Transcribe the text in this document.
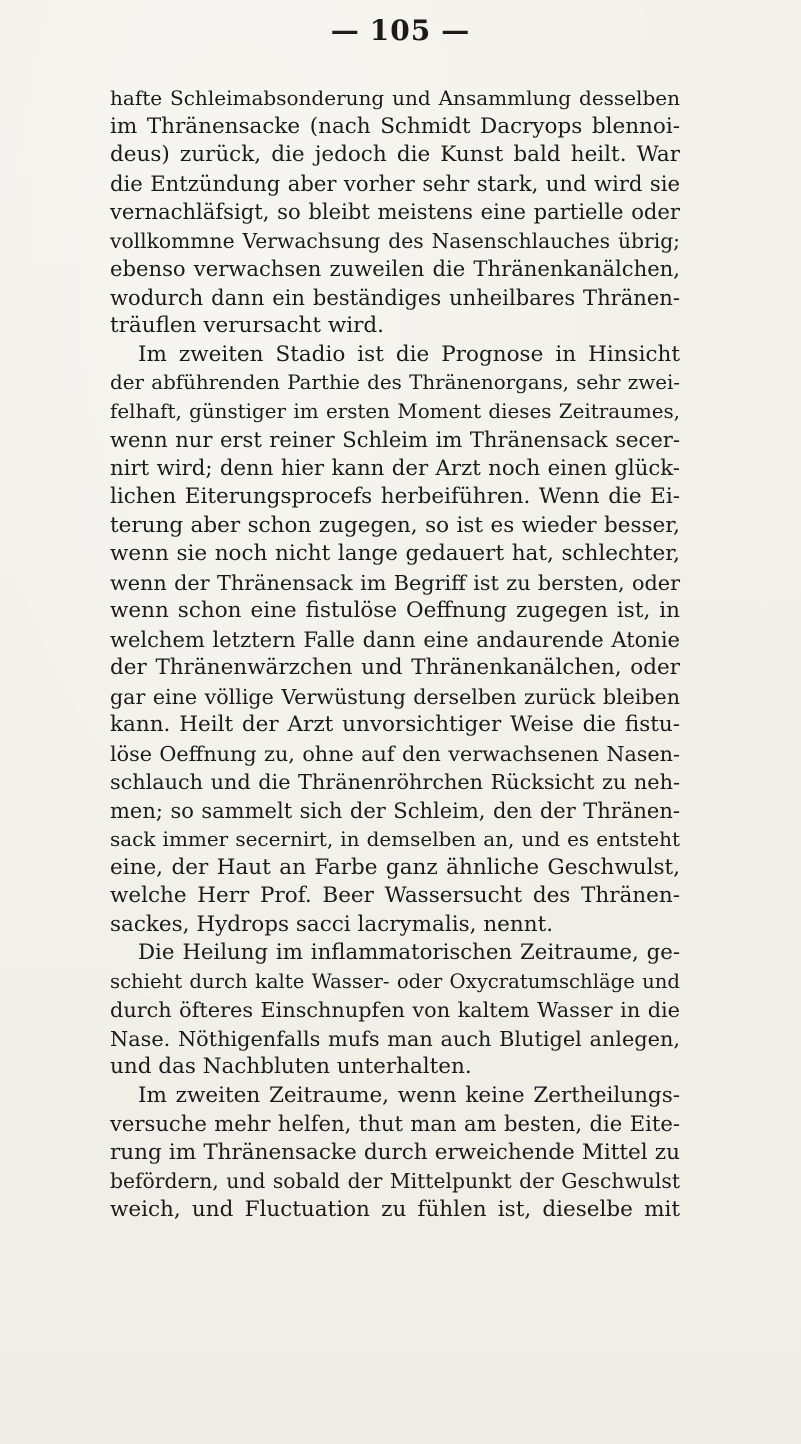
— 105 —
hafte Schleimabsonderung und Ansammlung desselben
im Thränensacke (nach Schmidt Dacryops blennoi-
deus) zurück, die jedoch die Kunst bald heilt. War
die Entzündung aber vorher sehr stark, und wird sie
vernachläfsigt, so bleibt meistens eine partielle oder
vollkommne Verwachsung des Nasenschlauches übrig;
ebenso verwachsen zuweilen die Thränenkanälchen,
wodurch dann ein beständiges unheilbares Thränen-
träuflen verursacht wird.
Im zweiten Stadio ist die Prognose in Hinsicht
der abführenden Parthie des Thränenorgans, sehr zwei-
felhaft, günstiger im ersten Moment dieses Zeitraumes,
wenn nur erst reiner Schleim im Thränensack secer-
nirt wird; denn hier kann der Arzt noch einen glück-
lichen Eiterungsprocefs herbeiführen. Wenn die Ei-
terung aber schon zugegen, so ist es wieder besser,
wenn sie noch nicht lange gedauert hat, schlechter,
wenn der Thränensack im Begriff ist zu bersten, oder
wenn schon eine fistulöse Oeffnung zugegen ist, in
welchem letztern Falle dann eine andaurende Atonie
der Thränenwärzchen und Thränenkanälchen, oder
gar eine völlige Verwüstung derselben zurück bleiben
kann. Heilt der Arzt unvorsichtiger Weise die fistu-
löse Oeffnung zu, ohne auf den verwachsenen Nasen-
schlauch und die Thränenröhrchen Rücksicht zu neh-
men; so sammelt sich der Schleim, den der Thränen-
sack immer secernirt, in demselben an, und es entsteht
eine, der Haut an Farbe ganz ähnliche Geschwulst,
welche Herr Prof. Beer Wassersucht des Thränen-
sackes, Hydrops sacci lacrymalis, nennt.
Die Heilung im inflammatorischen Zeitraume, ge-
schieht durch kalte Wasser- oder Oxycratumschläge und
durch öfteres Einschnupfen von kaltem Wasser in die
Nase. Nöthigenfalls mufs man auch Blutigel anlegen,
und das Nachbluten unterhalten.
Im zweiten Zeitraume, wenn keine Zertheilungs-
versuche mehr helfen, thut man am besten, die Eite-
rung im Thränensacke durch erweichende Mittel zu
befördern, und sobald der Mittelpunkt der Geschwulst
weich, und Fluctuation zu fühlen ist, dieselbe mit
